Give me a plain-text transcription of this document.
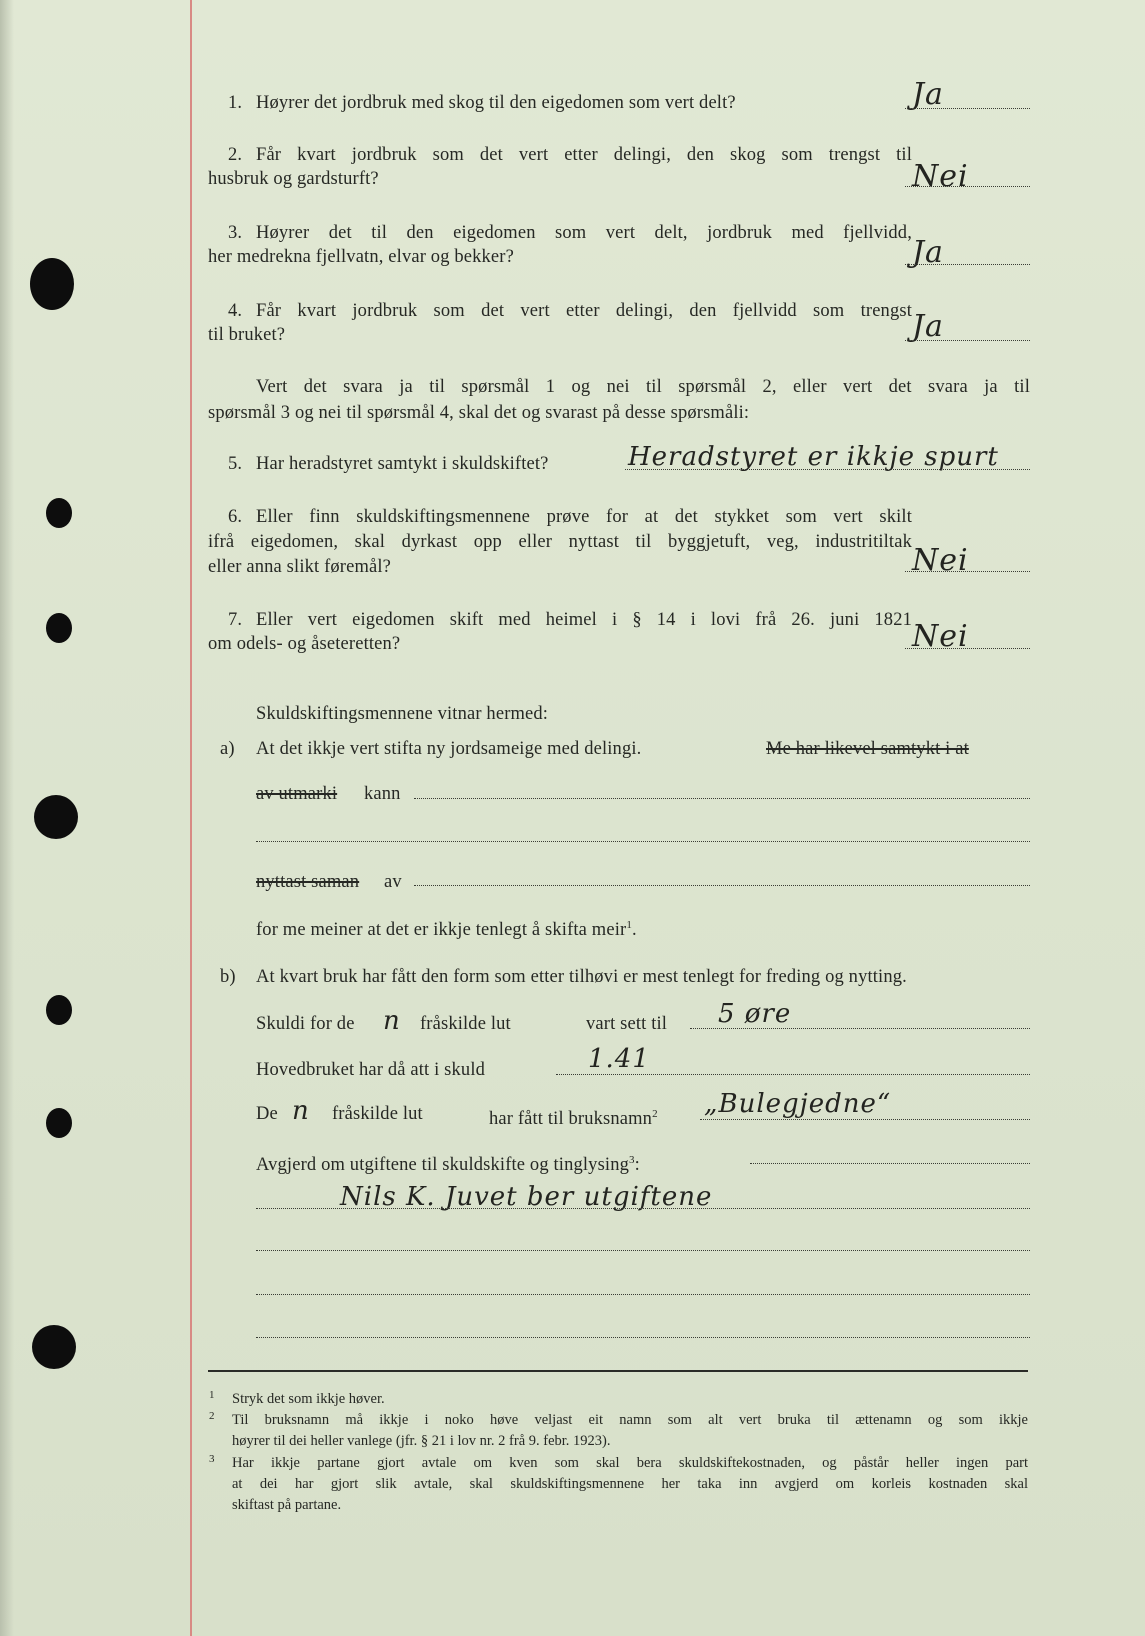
1. Høyrer det jordbruk med skog til den eigedomen som vert delt?	Ja
2. Får kvart jordbruk som det vert etter delingi, den skog som trengst til
husbruk og gardsturft?	Nei
3. Høyrer det til den eigedomen som vert delt, jordbruk med fjellvidd,
her medrekna fjellvatn, elvar og bekker?	Ja
4. Får kvart jordbruk som det vert etter delingi, den fjellvidd som trengst
til bruket?	Ja
Vert det svara ja til spørsmål 1 og nei til spørsmål 2, eller vert det svara ja til
spørsmål 3 og nei til spørsmål 4, skal det og svarast på desse spørsmåli:
5. Har heradstyret samtykt i skuldskiftet?	Heradstyret er ikkje spurt
6. Eller finn skuldskiftingsmennene prøve for at det stykket som vert skilt
ifrå eigedomen, skal dyrkast opp eller nyttast til byggjetuft, veg, industritiltak
eller anna slikt føremål?	Nei
7. Eller vert eigedomen skift med heimel i § 14 i lovi frå 26. juni 1821
om odels- og åseteretten?	Nei
Skuldskiftingsmennene vitnar hermed:
a) At det ikkje vert stifta ny jordsameige med delingi.	Me har likevel samtykt i at
av utmarki kann
nyttast saman av
for me meiner at det er ikkje tenlegt å skifta meir$^1$.
b) At kvart bruk har fått den form som etter tilhøvi er mest tenlegt for freding og nytting.
Skuldi for de n fråskilde lut	vart sett til 5 øre
Hovedbruket har då att i skuld	1.41
De n fråskilde lut	har fått til bruksnamn$^2$ „Bulegjedne“
Avgjerd om utgiftene til skuldskifte og tinglysing$^3$:
Nils K. Juvet ber utgiftene
1 Stryk det som ikkje høver.
2 Til bruksnamn må ikkje i noko høve veljast eit namn som alt vert bruka til ættenamn og som ikkje
høyrer til dei heller vanlege (jfr. § 21 i lov nr. 2 frå 9. febr. 1923).
3 Har ikkje partane gjort avtale om kven som skal bera skuldskiftekostnaden, og påstår heller ingen part
at dei har gjort slik avtale, skal skuldskiftingsmennene her taka inn avgjerd om korleis kostnaden skal
skiftast på partane.
